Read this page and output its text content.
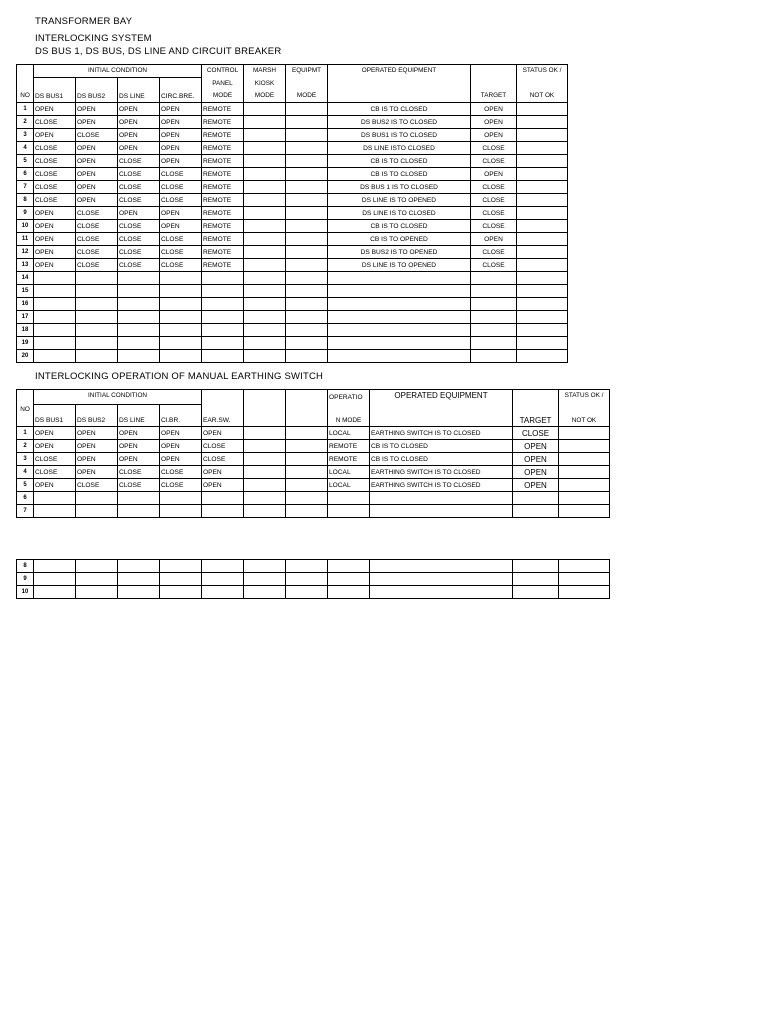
TRANSFORMER BAY
INTERLOCKING SYSTEM
DS BUS 1, DS BUS, DS LINE AND CIRCUIT BREAKER
	INITIAL CONDITION				CONTROL	MARSH	EQUIPMT	OPERATED EQUIPMENT		STATUS OK /
					PANEL	KIOSK				
NO	DS BUS1	DS BUS2	DS LINE	CIRC.BRE.	MODE	MODE	MODE		TARGET	NOT OK
1	OPEN	OPEN	OPEN	OPEN	REMOTE			CB IS TO CLOSED	OPEN	
2	CLOSE	OPEN	OPEN	OPEN	REMOTE			DS BUS2 IS TO CLOSED	OPEN	
3	OPEN	CLOSE	OPEN	OPEN	REMOTE			DS BUS1 IS TO CLOSED	OPEN	
4	CLOSE	OPEN	OPEN	OPEN	REMOTE			DS LINE ISTO CLOSED	CLOSE	
5	CLOSE	OPEN	CLOSE	OPEN	REMOTE			CB IS TO CLOSED	CLOSE	
6	CLOSE	OPEN	CLOSE	CLOSE	REMOTE			CB IS TO CLOSED	OPEN	
7	CLOSE	OPEN	CLOSE	CLOSE	REMOTE			DS BUS 1 IS TO CLOSED	CLOSE	
8	CLOSE	OPEN	CLOSE	CLOSE	REMOTE			DS LINE IS TO OPENED	CLOSE	
9	OPEN	CLOSE	OPEN	OPEN	REMOTE			DS LINE IS TO CLOSED	CLOSE	
10	OPEN	CLOSE	CLOSE	OPEN	REMOTE			CB IS TO CLOSED	CLOSE	
11	OPEN	CLOSE	CLOSE	CLOSE	REMOTE			CB IS TO OPENED	OPEN	
12	OPEN	CLOSE	CLOSE	CLOSE	REMOTE			DS BUS2 IS TO OPENED	CLOSE	
13	OPEN	CLOSE	CLOSE	CLOSE	REMOTE			DS LINE IS TO OPENED	CLOSE	
14										
15										
16										
17										
18										
19										
20										
INTERLOCKING OPERATION OF MANUAL EARTHING SWITCH
	INITIAL CONDITION							OPERATIO	OPERATED EQUIPMENT		STATUS OK /
NO	DS BUS1	DS BUS2	DS LINE	Cl.BR.	EAR.SW.			N MODE		TARGET	NOT OK
1	OPEN	OPEN	OPEN	OPEN	OPEN			LOCAL	EARTHING SWITCH IS TO CLOSED	CLOSE	
2	OPEN	OPEN	OPEN	OPEN	CLOSE			REMOTE	CB IS TO CLOSED	OPEN	
3	CLOSE	OPEN	OPEN	OPEN	CLOSE			REMOTE	CB IS TO CLOSED	OPEN	
4	CLOSE	OPEN	CLOSE	CLOSE	OPEN			LOCAL	EARTHING SWITCH IS TO CLOSED	OPEN	
5	OPEN	CLOSE	CLOSE	CLOSE	OPEN			LOCAL	EARTHING SWITCH IS TO CLOSED	OPEN	
6											
7											
8											
9											
10											
